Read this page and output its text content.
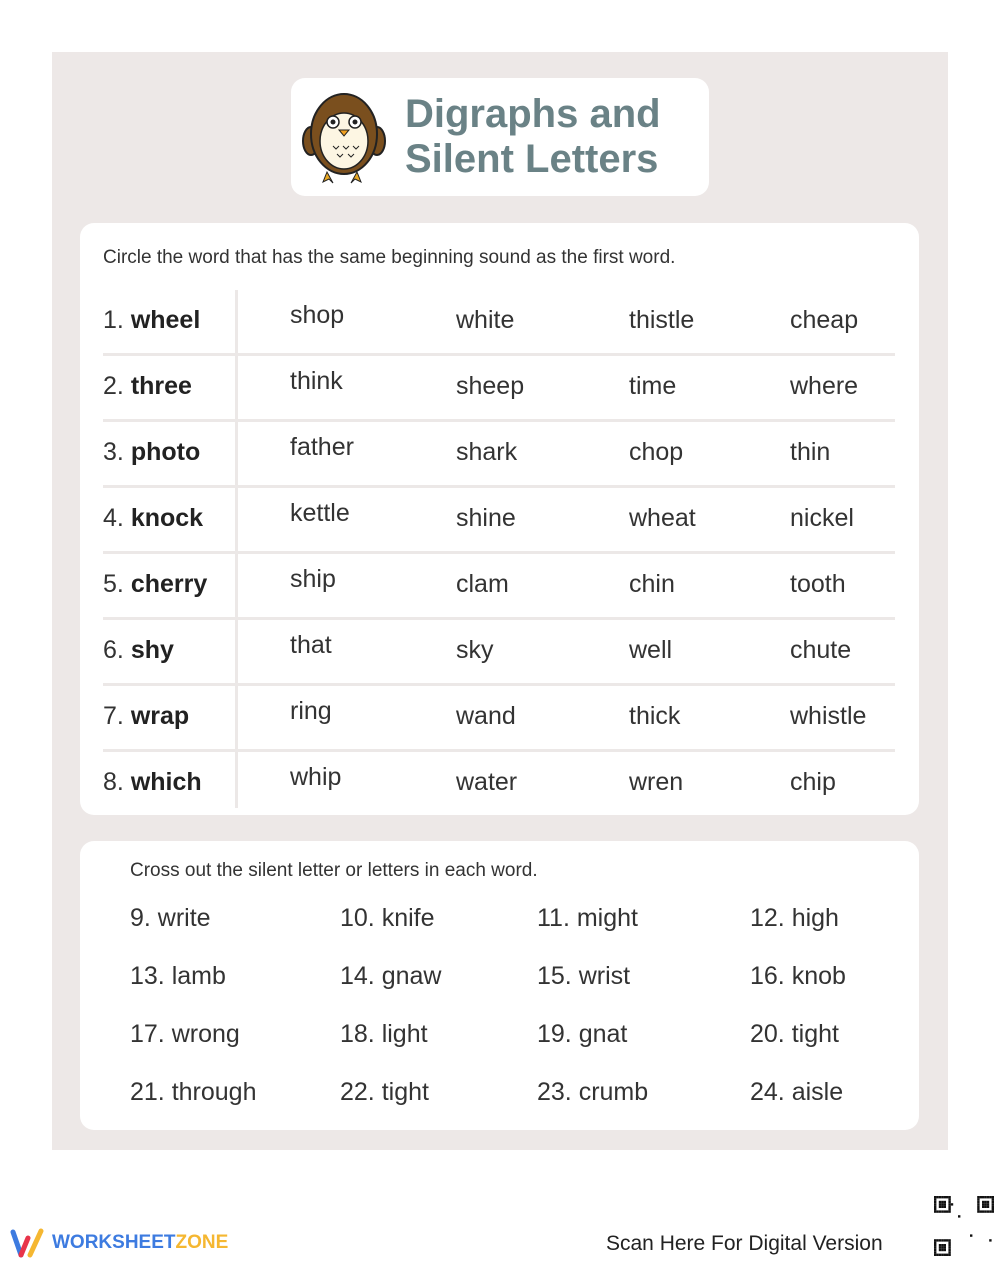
Digraphs and
Silent Letters
Circle the word that has the same beginning sound as the first word.
1. wheel	shop	white	thistle	cheap
2. three	think	sheep	time	where
3. photo	father	shark	chop	thin
4. knock	kettle	shine	wheat	nickel
5. cherry	ship	clam	chin	tooth
6. shy	that	sky	well	chute
7. wrap	ring	wand	thick	whistle
8. which	whip	water	wren	chip
Cross out the silent letter or letters in each word.
9. write	10. knife	11. might	12. high
13. lamb	14. gnaw	15. wrist	16. knob
17. wrong	18. light	19. gnat	20. tight
21. through	22. tight	23. crumb	24. aisle
WORKSHEETZONE	Scan Here For Digital Version
